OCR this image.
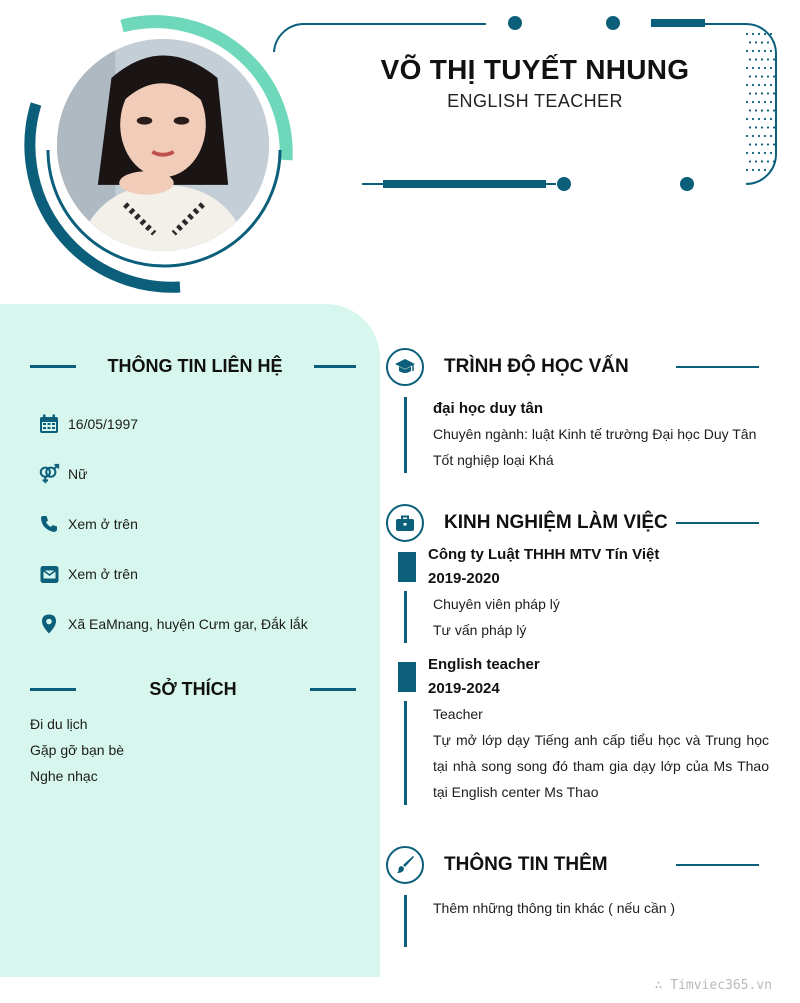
VÕ THỊ TUYẾT NHUNG
ENGLISH TEACHER
THÔNG TIN LIÊN HỆ
16/05/1997
Nữ
Xem ở trên
Xem ở trên
Xã EaMnang, huyện Cưm gar, Đắk lắk
SỞ THÍCH
Đi du lịch
Gặp gỡ bạn bè
Nghe nhạc
TRÌNH ĐỘ HỌC VẤN
đại học duy tân
Chuyên ngành: luật Kinh tế trường Đại học Duy Tân
Tốt nghiệp loại Khá
KINH NGHIỆM LÀM VIỆC
Công ty Luật THHH MTV Tín Việt
2019-2020
Chuyên viên pháp lý
Tư vấn pháp lý
English teacher
2019-2024
Teacher
Tự mở lớp dạy Tiếng anh cấp tiểu học và Trung học tại nhà song song đó tham gia dạy lớp của Ms Thao tại English center Ms Thao
THÔNG TIN THÊM
Thêm những thông tin khác ( nếu cần )
∴ Timviec365.vn
